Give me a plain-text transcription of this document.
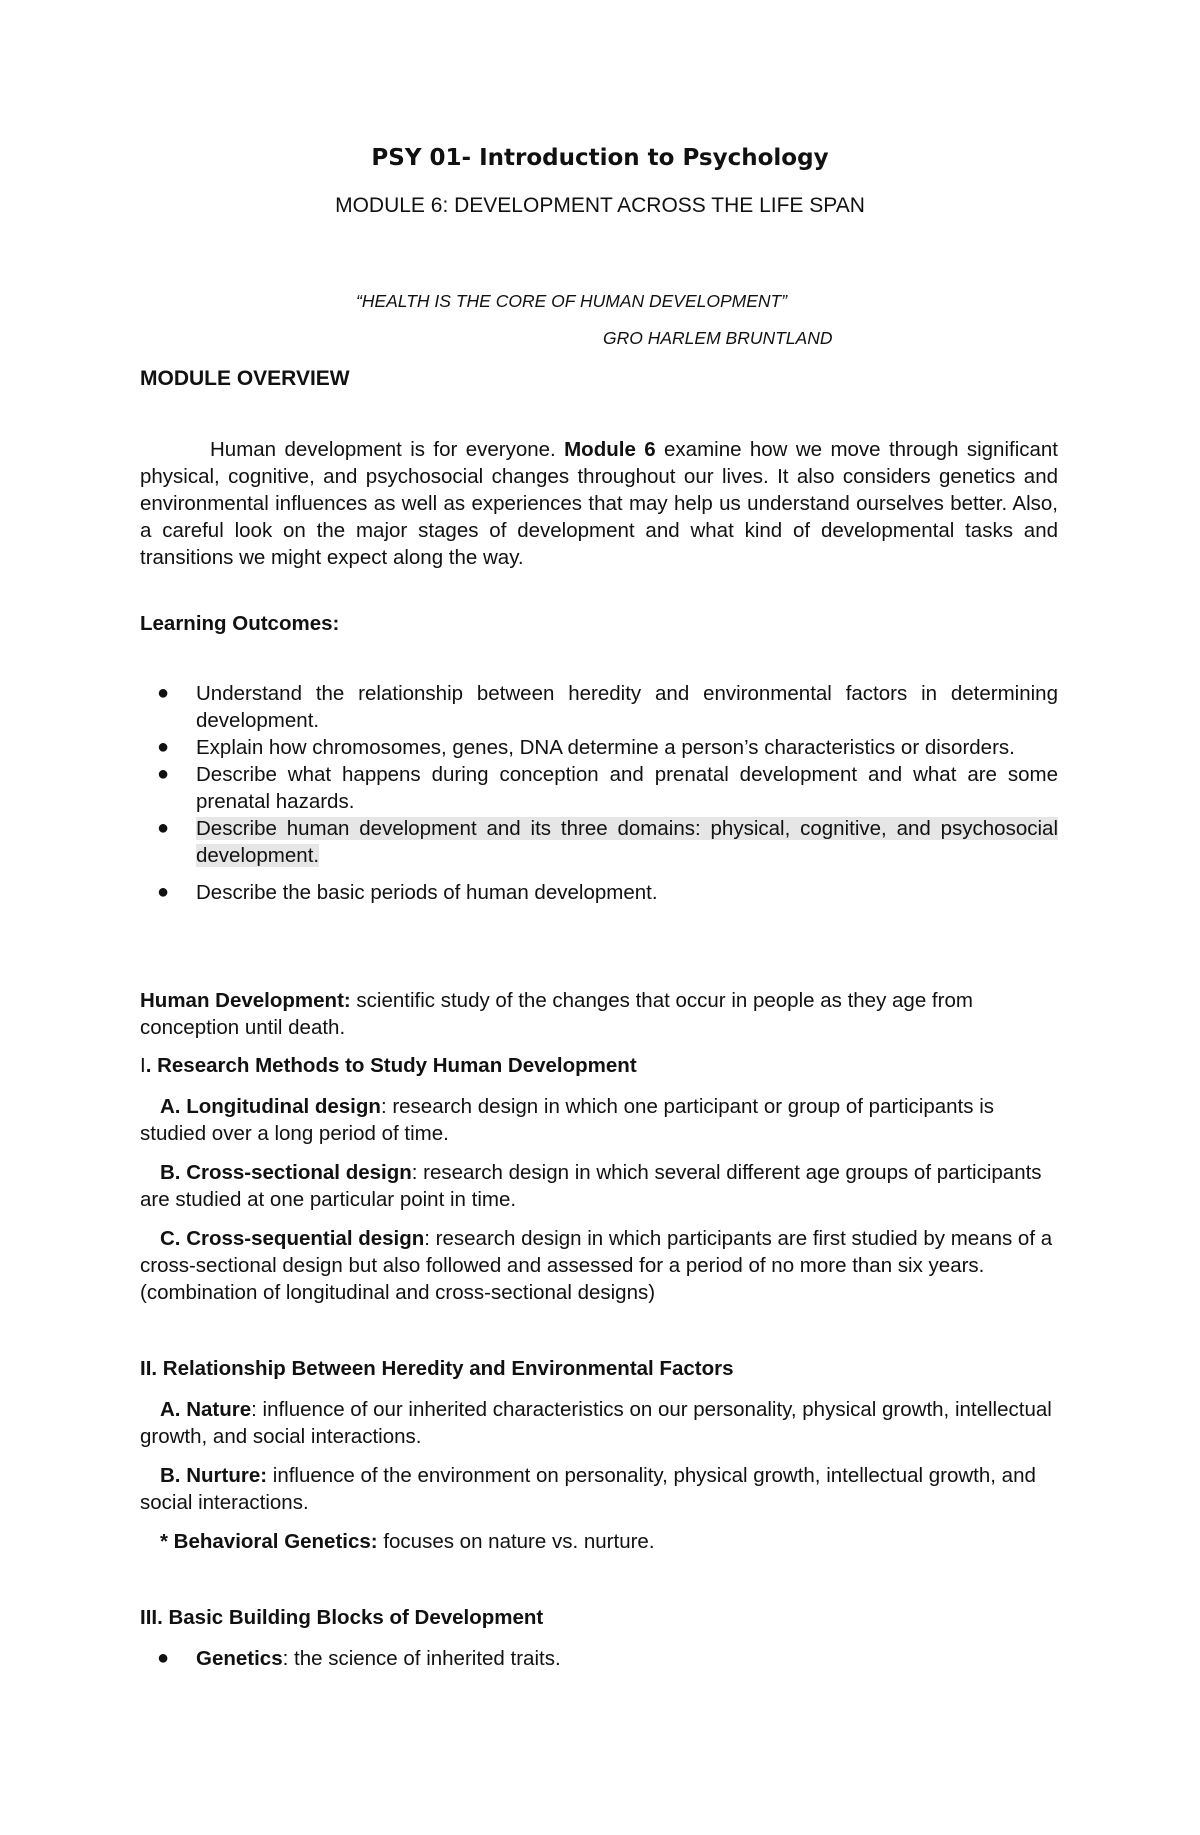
PSY 01- Introduction to Psychology
MODULE 6: DEVELOPMENT ACROSS THE LIFE SPAN
“HEALTH IS THE CORE OF HUMAN DEVELOPMENT”
GRO HARLEM BRUNTLAND
MODULE OVERVIEW

Human development is for everyone. Module 6 examine how we move through significant physical, cognitive, and psychosocial changes throughout our lives. It also considers genetics and environmental influences as well as experiences that may help us understand ourselves better. Also, a careful look on the major stages of development and what kind of developmental tasks and transitions we might expect along the way.

Learning Outcomes:
● Understand the relationship between heredity and environmental factors in determining development.
● Explain how chromosomes, genes, DNA determine a person’s characteristics or disorders.
● Describe what happens during conception and prenatal development and what are some prenatal hazards.
● Describe human development and its three domains: physical, cognitive, and psychosocial development.
● Describe the basic periods of human development.

Human Development: scientific study of the changes that occur in people as they age from conception until death.

I. Research Methods to Study Human Development

A. Longitudinal design: research design in which one participant or group of participants is studied over a long period of time.

B. Cross-sectional design: research design in which several different age groups of participants are studied at one particular point in time.

C. Cross-sequential design: research design in which participants are first studied by means of a cross-sectional design but also followed and assessed for a period of no more than six years. (combination of longitudinal and cross-sectional designs)

II. Relationship Between Heredity and Environmental Factors

A. Nature: influence of our inherited characteristics on our personality, physical growth, intellectual growth, and social interactions.

B. Nurture: influence of the environment on personality, physical growth, intellectual growth, and social interactions.

* Behavioral Genetics: focuses on nature vs. nurture.

III. Basic Building Blocks of Development
● Genetics: the science of inherited traits.
